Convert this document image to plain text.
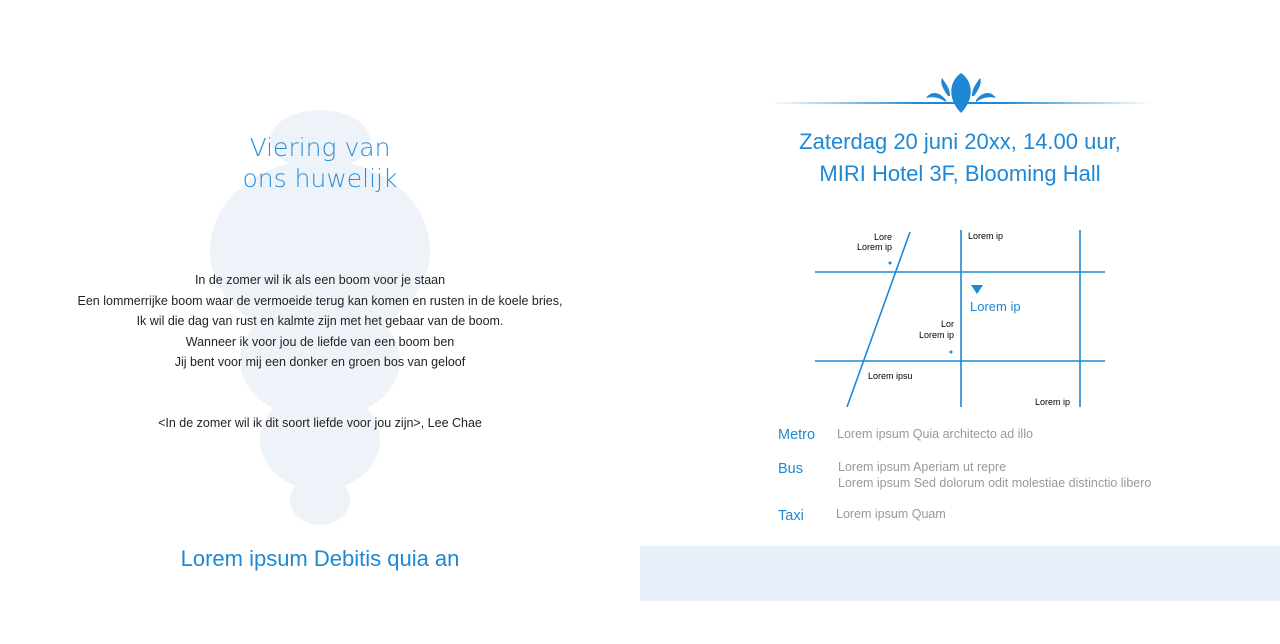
Viering van
ons huwelijk
In de zomer wil ik als een boom voor je staan
Een lommerrijke boom waar de vermoeide terug kan komen en rusten in de koele bries,
Ik wil die dag van rust en kalmte zijn met het gebaar van de boom.
Wanneer ik voor jou de liefde van een boom ben
Jij bent voor mij een donker en groen bos van geloof
<In de zomer wil ik dit soort liefde voor jou zijn>, Lee Chae
Lorem ipsum Debitis quia an
Zaterdag 20 juni 20xx, 14.00 uur,
MIRI Hotel 3F, Blooming Hall
Lore
Lorem ip
Lorem ip
Lorem ip
Lor
Lorem ip
Lorem ipsu
Lorem ip
Metro Lorem ipsum Quia architecto ad illo
Bus	Lorem ipsum Aperiam ut repre
Lorem ipsum Sed dolorum odit molestiae distinctio libero
Taxi	Lorem ipsum Quam
